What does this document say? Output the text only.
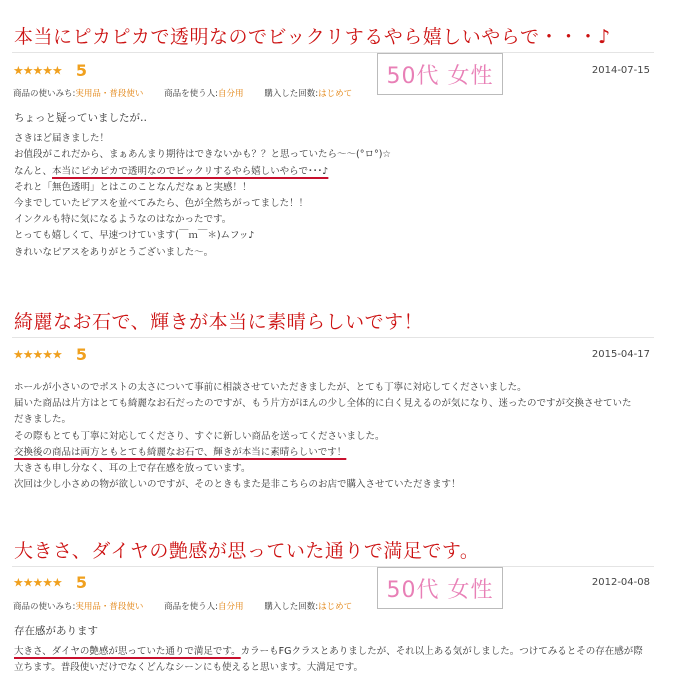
本当にピカピカで透明なのでビックリするやら嬉しいやらで・・・♪
★★★★★ 5	50代 女性	2014-07-15
商品の使いみち:実用品・普段使い 商品を使う人:自分用 購入した回数:はじめて
ちょっと疑っていましたが‥
さきほど届きました！
お值段がこれだから、まぁあんまり期待はできないかも？？と思っていたら〜〜(°ロ°)☆
なんと、本当にピカピカで透明なのでビックリするやら嬉しいやらで･･･♪
それと「無色透明」とはこのことなんだなぁと実感！！
今までしていたピアスを並べてみたら、色が全然ちがってました！！
インクルも特に気になるようなのはなかったです。
とっても嬉しくて、早速つけています(￣ｍ￣＊)ムフッ♪
きれいなピアスをありがとうございました〜。
綺麗なお石で、輝きが本当に素晴らしいです！
★★★★★ 5	2015-04-17
ホールが小さいのでポストの太さについて事前に相談させていただきましたが、とても丁寧に対応してくださいました。
届いた商品は片方はとても綺麗なお石だったのですが、もう片方がほんの少し全体的に白く見えるのが気になり、迷ったのですが交換させていた
だきました。
その際もとても丁寧に対応してくださり、すぐに新しい商品を送ってくださいました。
交換後の商品は両方ともとても綺麗なお石で、輝きが本当に素晴らしいです！
大きさも申し分なく、耳の上で存在感を放っています。
次回は少し小さめの物が欲しいのですが、そのときもまた是非こちらのお店で購入させていただきます！
大きさ、ダイヤの艶感が思っていた通りで満足です。
★★★★★ 5	50代 女性	2012-04-08
商品の使いみち:実用品・普段使い 商品を使う人:自分用 購入した回数:はじめて
存在感があります
大きさ、ダイヤの艶感が思っていた通りで満足です。カラーもFGクラスとありましたが、それ以上ある気がしました。つけてみるとその存在感が際
立ちます。普段使いだけでなくどんなシーンにも使えると思います。大満足です。
